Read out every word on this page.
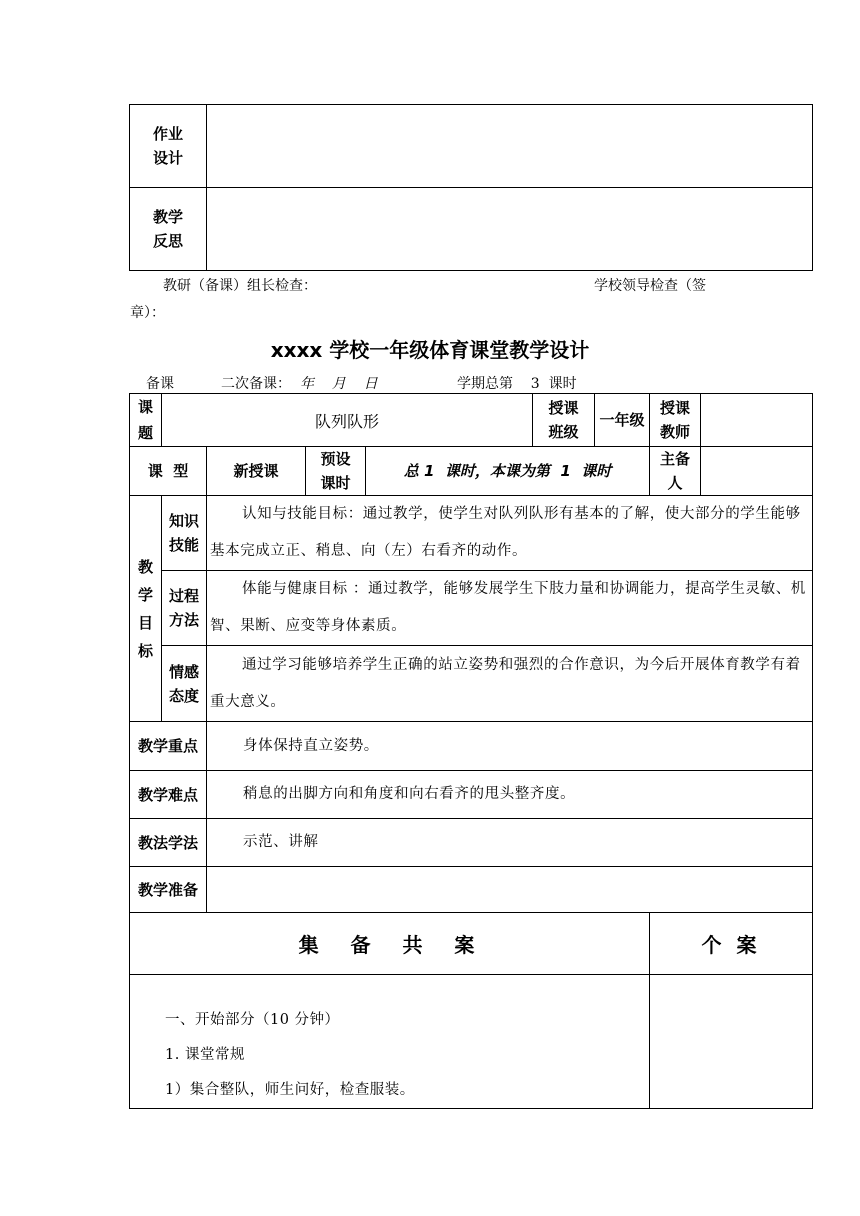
作业设计	
教学反思	
教研（备课）组长检查：	学校领导检查（签
章）：
xxxx 学校一年级体育课堂教学设计
备课	二次备课： 年    月    日	学期总第    3  课时
课题	队列队形				授课班级	一年级	授课教师	
课  型		新授课	预设课时	总 1  课时，本课为第  1  课时			主备人	
教学目标	知识技能	认知与技能目标：通过教学，使学生对队列队形有基本的了解，使大部分的学生能够基本完成立正、稍息、向（左）右看齐的动作。						
	过程方法	体能与健康目标 ：通过教学，能够发展学生下肢力量和协调能力，提高学生灵敏、机智、果断、应变等身体素质。						
	情感态度	通过学习能够培养学生正确的站立姿势和强烈的合作意识，为今后开展体育教学有着重大意义。						
教学重点		身体保持直立姿势。						
教学难点		稍息的出脚方向和角度和向右看齐的甩头整齐度。						
教法学法		示范、讲解						
教学准备								
集  备  共  案							个 案	

一、开始部分（10 分钟）
1. 课堂常规
1）集合整队，师生问好，检查服装。								
